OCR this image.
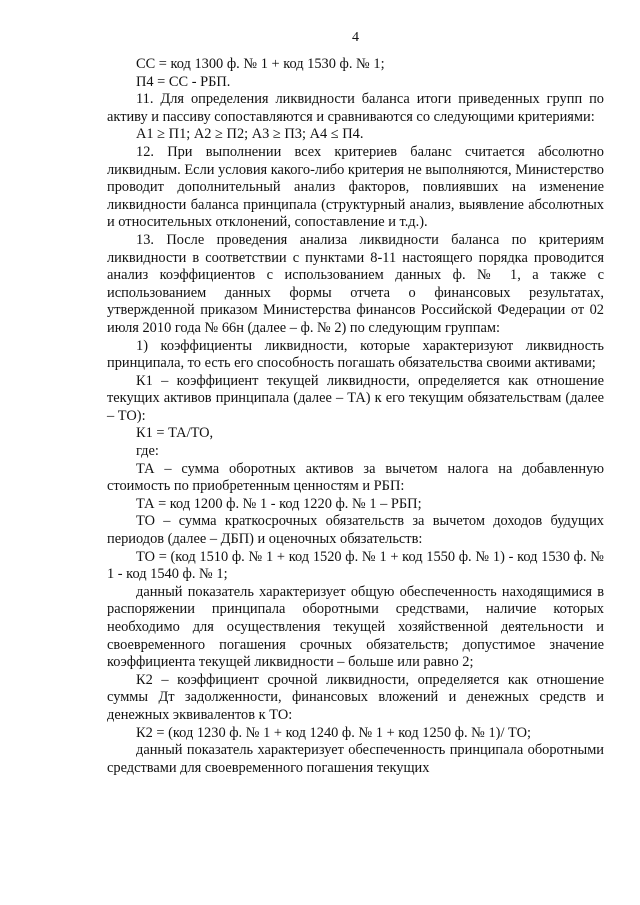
4

СС = код 1300 ф. № 1 + код 1530 ф. № 1;

П4 = СС - РБП.

11. Для определения ликвидности баланса итоги приведенных групп по активу и пассиву сопоставляются и сравниваются со следующими критериями:

А1 ≥ П1; А2 ≥ П2; А3 ≥ П3; А4 ≤ П4.

12. При выполнении всех критериев баланс считается абсолютно ликвидным. Если условия какого-либо критерия не выполняются, Министерство проводит дополнительный анализ факторов, повлиявших на изменение ликвидности баланса принципала (структурный анализ, выявление абсолютных и относительных отклонений, сопоставление и т.д.).

13. После проведения анализа ликвидности баланса по критериям ликвидности в соответствии с пунктами 8-11 настоящего порядка проводится анализ коэффициентов с использованием данных ф. № 1, а также с использованием данных формы отчета о финансовых результатах, утвержденной приказом Министерства финансов Российской Федерации от 02 июля 2010 года № 66н (далее – ф. № 2) по следующим группам:

1) коэффициенты ликвидности, которые характеризуют ликвидность принципала, то есть его способность погашать обязательства своими активами;

К1 – коэффициент текущей ликвидности, определяется как отношение текущих активов принципала (далее – ТА) к его текущим обязательствам (далее – ТО):

К1 = ТА/ТО,

где:

ТА – сумма оборотных активов за вычетом налога на добавленную стоимость по приобретенным ценностям и РБП:

ТА = код 1200 ф. № 1 - код 1220 ф. № 1 – РБП;

ТО – сумма краткосрочных обязательств за вычетом доходов будущих периодов (далее – ДБП) и оценочных обязательств:

ТО = (код 1510 ф. № 1 + код 1520 ф. № 1 + код 1550 ф. № 1) - код 1530 ф. № 1 - код 1540 ф. № 1;

данный показатель характеризует общую обеспеченность находящимися в распоряжении принципала оборотными средствами, наличие которых необходимо для осуществления текущей хозяйственной деятельности и своевременного погашения срочных обязательств; допустимое значение коэффициента текущей ликвидности – больше или равно 2;

К2 – коэффициент срочной ликвидности, определяется как отношение суммы Дт задолженности, финансовых вложений и денежных средств и денежных эквивалентов к ТО:

К2 = (код 1230 ф. № 1 + код 1240 ф. № 1 + код 1250 ф. № 1)/ ТО;

данный показатель характеризует обеспеченность принципала оборотными средствами для своевременного погашения текущих
